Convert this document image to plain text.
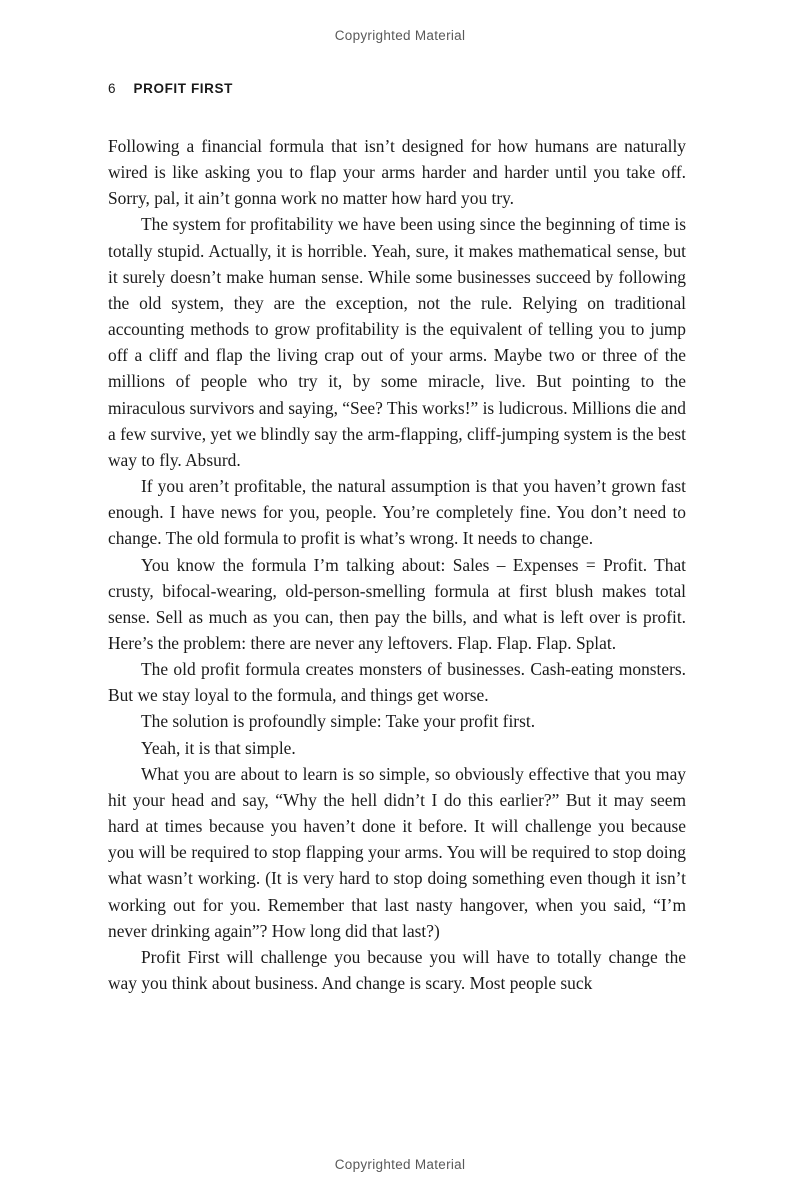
Copyrighted Material
6 PROFIT FIRST

Following a financial formula that isn’t designed for how humans are naturally wired is like asking you to flap your arms harder and harder until you take off. Sorry, pal, it ain’t gonna work no matter how hard you try.

The system for profitability we have been using since the beginning of time is totally stupid. Actually, it is horrible. Yeah, sure, it makes mathematical sense, but it surely doesn’t make human sense. While some businesses succeed by following the old system, they are the exception, not the rule. Relying on traditional accounting methods to grow profitability is the equivalent of telling you to jump off a cliff and flap the living crap out of your arms. Maybe two or three of the millions of people who try it, by some miracle, live. But pointing to the miraculous survivors and saying, “See? This works!” is ludicrous. Millions die and a few survive, yet we blindly say the arm-flapping, cliff-jumping system is the best way to fly. Absurd.

If you aren’t profitable, the natural assumption is that you haven’t grown fast enough. I have news for you, people. You’re completely fine. You don’t need to change. The old formula to profit is what’s wrong. It needs to change.

You know the formula I’m talking about: Sales – Expenses = Profit. That crusty, bifocal-wearing, old-person-smelling formula at first blush makes total sense. Sell as much as you can, then pay the bills, and what is left over is profit. Here’s the problem: there are never any leftovers. Flap. Flap. Flap. Splat.

The old profit formula creates monsters of businesses. Cash-eating monsters. But we stay loyal to the formula, and things get worse.

The solution is profoundly simple: Take your profit first.

Yeah, it is that simple.

What you are about to learn is so simple, so obviously effective that you may hit your head and say, “Why the hell didn’t I do this earlier?” But it may seem hard at times because you haven’t done it before. It will challenge you because you will be required to stop flapping your arms. You will be required to stop doing what wasn’t working. (It is very hard to stop doing something even though it isn’t working out for you. Remember that last nasty hangover, when you said, “I’m never drinking again”? How long did that last?)

Profit First will challenge you because you will have to totally change the way you think about business. And change is scary. Most people suck

Copyrighted Material
